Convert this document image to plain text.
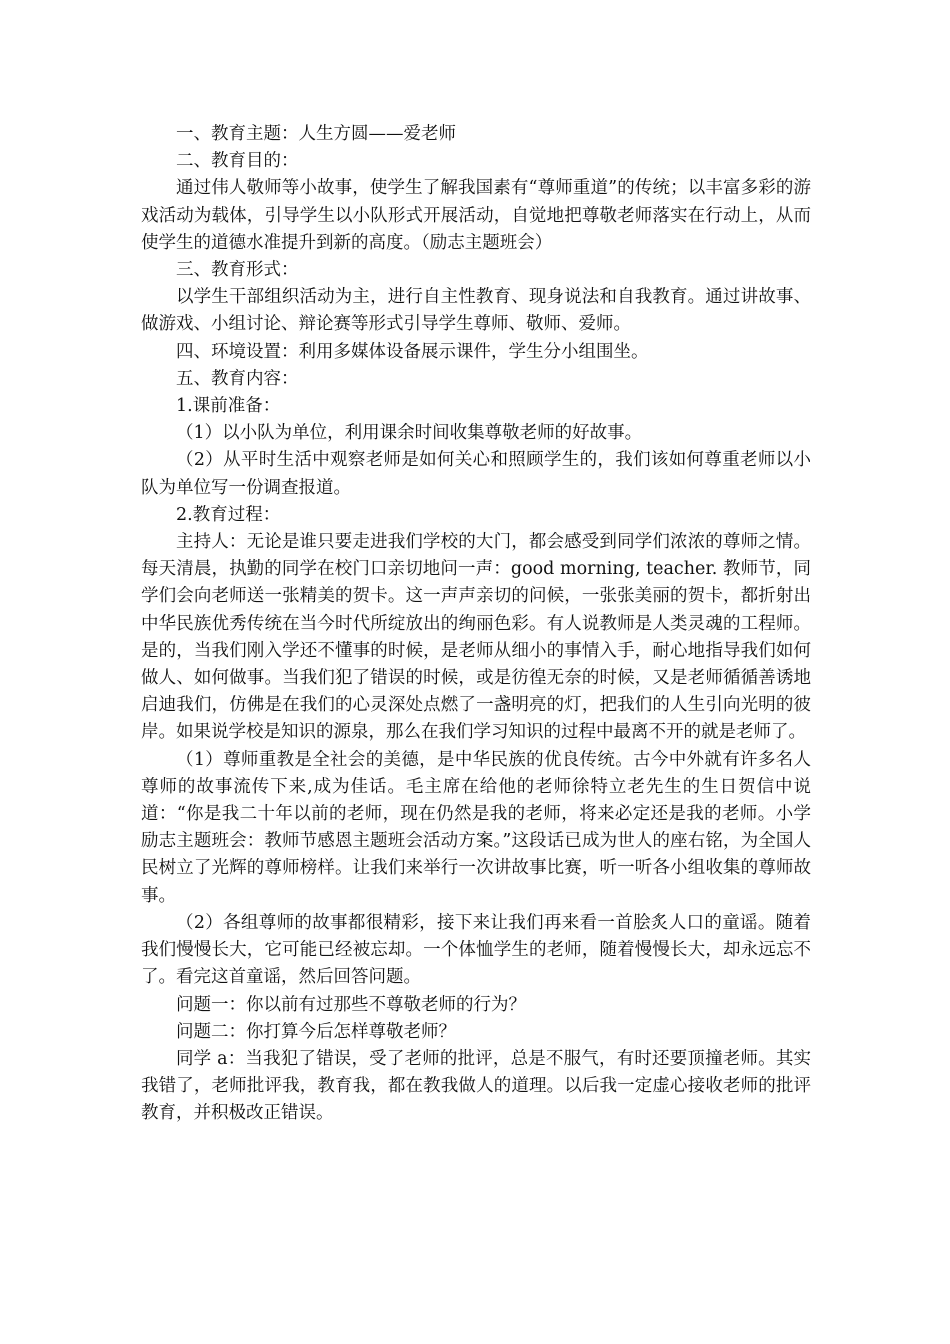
一、教育主题：人生方圆——爱老师

二、教育目的：

通过伟人敬师等小故事，使学生了解我国素有“尊师重道”的传统；以丰富多彩的游戏活动为载体，引导学生以小队形式开展活动，自觉地把尊敬老师落实在行动上，从而使学生的道德水准提升到新的高度。（励志主题班会）

三、教育形式：

以学生干部组织活动为主，进行自主性教育、现身说法和自我教育。通过讲故事、做游戏、小组讨论、辩论赛等形式引导学生尊师、敬师、爱师。

四、环境设置：利用多媒体设备展示课件，学生分小组围坐。

五、教育内容：

1.课前准备：

（1）以小队为单位，利用课余时间收集尊敬老师的好故事。

（2）从平时生活中观察老师是如何关心和照顾学生的，我们该如何尊重老师以小队为单位写一份调查报道。

2.教育过程：

主持人：无论是谁只要走进我们学校的大门，都会感受到同学们浓浓的尊师之情。每天清晨，执勤的同学在校门口亲切地问一声：good morning, teacher. 教师节，同学们会向老师送一张精美的贺卡。这一声声亲切的问候，一张张美丽的贺卡，都折射出中华民族优秀传统在当今时代所绽放出的绚丽色彩。有人说教师是人类灵魂的工程师。是的，当我们刚入学还不懂事的时候，是老师从细小的事情入手，耐心地指导我们如何做人、如何做事。当我们犯了错误的时候，或是彷徨无奈的时候，又是老师循循善诱地启迪我们，仿佛是在我们的心灵深处点燃了一盏明亮的灯，把我们的人生引向光明的彼岸。如果说学校是知识的源泉，那么在我们学习知识的过程中最离不开的就是老师了。

（1）尊师重教是全社会的美德，是中华民族的优良传统。古今中外就有许多名人尊师的故事流传下来,成为佳话。毛主席在给他的老师徐特立老先生的生日贺信中说道：“你是我二十年以前的老师，现在仍然是我的老师，将来必定还是我的老师。小学励志主题班会：教师节感恩主题班会活动方案。”这段话已成为世人的座右铭，为全国人民树立了光辉的尊师榜样。让我们来举行一次讲故事比赛，听一听各小组收集的尊师故事。

（2）各组尊师的故事都很精彩，接下来让我们再来看一首脍炙人口的童谣。随着我们慢慢长大，它可能已经被忘却。一个体恤学生的老师，随着慢慢长大，却永远忘不了。看完这首童谣，然后回答问题。

问题一：你以前有过那些不尊敬老师的行为？

问题二：你打算今后怎样尊敬老师？

同学 a：当我犯了错误，受了老师的批评，总是不服气，有时还要顶撞老师。其实我错了，老师批评我，教育我，都在教我做人的道理。以后我一定虚心接收老师的批评教育，并积极改正错误。
